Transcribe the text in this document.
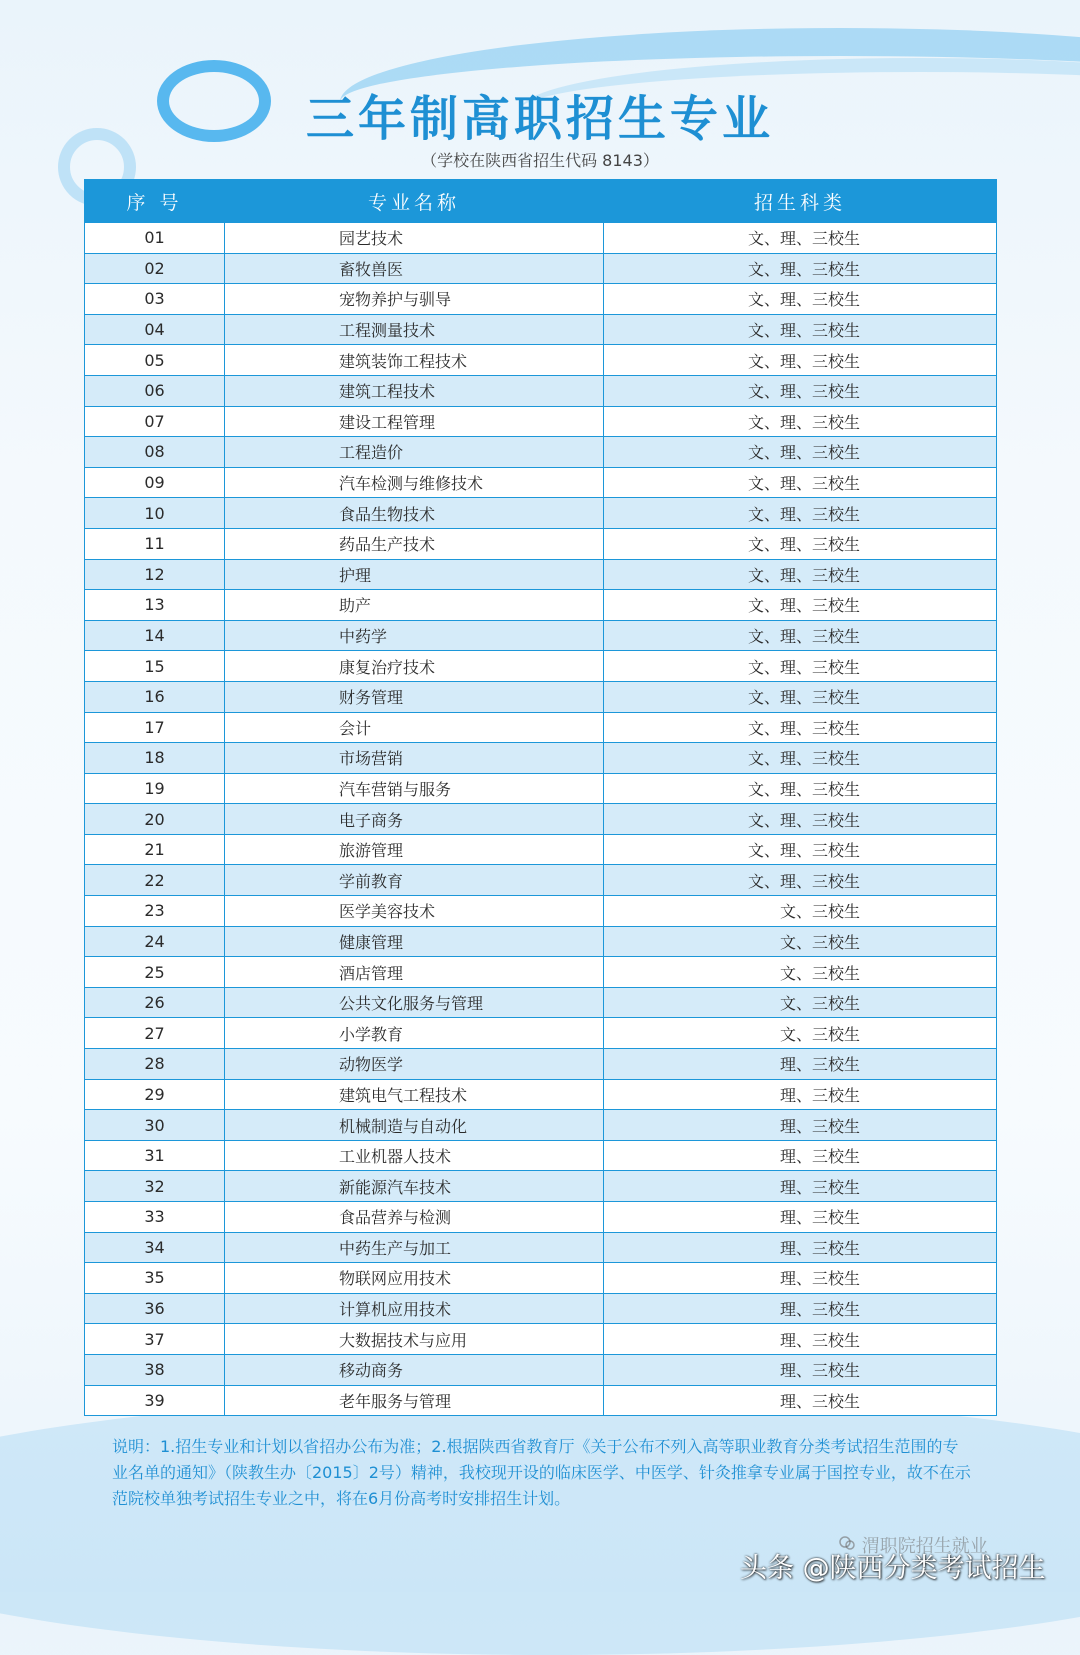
三年制高职招生专业
（学校在陕西省招生代码 8143）
序 号	专业名称	招生科类
01	园艺技术	文、理、三校生
02	畜牧兽医	文、理、三校生
03	宠物养护与驯导	文、理、三校生
04	工程测量技术	文、理、三校生
05	建筑装饰工程技术	文、理、三校生
06	建筑工程技术	文、理、三校生
07	建设工程管理	文、理、三校生
08	工程造价	文、理、三校生
09	汽车检测与维修技术	文、理、三校生
10	食品生物技术	文、理、三校生
11	药品生产技术	文、理、三校生
12	护理	文、理、三校生
13	助产	文、理、三校生
14	中药学	文、理、三校生
15	康复治疗技术	文、理、三校生
16	财务管理	文、理、三校生
17	会计	文、理、三校生
18	市场营销	文、理、三校生
19	汽车营销与服务	文、理、三校生
20	电子商务	文、理、三校生
21	旅游管理	文、理、三校生
22	学前教育	文、理、三校生
23	医学美容技术	文、三校生
24	健康管理	文、三校生
25	酒店管理	文、三校生
26	公共文化服务与管理	文、三校生
27	小学教育	文、三校生
28	动物医学	理、三校生
29	建筑电气工程技术	理、三校生
30	机械制造与自动化	理、三校生
31	工业机器人技术	理、三校生
32	新能源汽车技术	理、三校生
33	食品营养与检测	理、三校生
34	中药生产与加工	理、三校生
35	物联网应用技术	理、三校生
36	计算机应用技术	理、三校生
37	大数据技术与应用	理、三校生
38	移动商务	理、三校生
39	老年服务与管理	理、三校生
说明：1.招生专业和计划以省招办公布为准；2.根据陕西省教育厅《关于公布不列入高等职业教育分类考试招生范围的专业名单的通知》（陕教生办〔2015〕2号）精神，我校现开设的临床医学、中医学、针灸推拿专业属于国控专业，故不在示范院校单独考试招生专业之中，将在6月份高考时安排招生计划。
渭职院招生就业
头条 @陕西分类考试招生
